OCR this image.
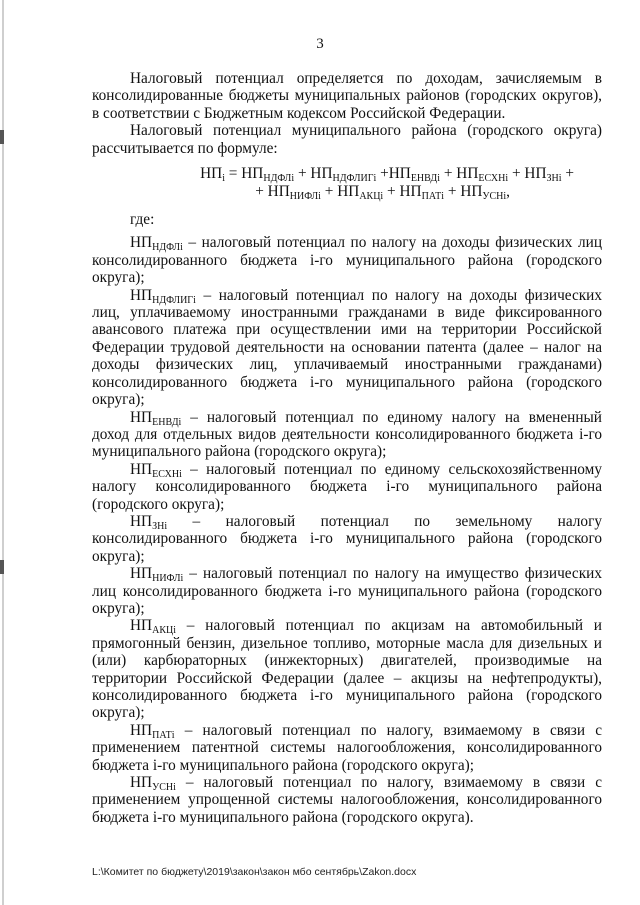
3

Налоговый потенциал определяется по доходам, зачисляемым в консолидированные бюджеты муниципальных районов (городских округов), в соответствии с Бюджетным кодексом Российской Федерации.

Налоговый потенциал муниципального района (городского округа) рассчитывается по формуле:

$НП_i = НП_{НДФЛi} + НП_{НДФЛИГi} +НП_{ЕНВДi} + НП_{ЕСХНi} + НП_{ЗНi}$ +
+ $НП_{НИФЛi} + НП_{АКЦi} + НП_{ПАТi} + НП_{УСНi}$,

где:

$НП_{НДФЛi}$ – налоговый потенциал по налогу на доходы физических лиц консолидированного бюджета i-го муниципального района (городского округа);

$НП_{НДФЛИГi}$ – налоговый потенциал по налогу на доходы физических лиц, уплачиваемому иностранными гражданами в виде фиксированного авансового платежа при осуществлении ими на территории Российской Федерации трудовой деятельности на основании патента (далее – налог на доходы физических лиц, уплачиваемый иностранными гражданами) консолидированного бюджета i-го муниципального района (городского округа);

$НП_{ЕНВДi}$ – налоговый потенциал по единому налогу на вмененный доход для отдельных видов деятельности консолидированного бюджета i-го муниципального района (городского округа);

$НП_{ЕСХНi}$ – налоговый потенциал по единому сельскохозяйственному налогу консолидированного бюджета i-го муниципального района (городского округа);

$НП_{ЗНi}$ – налоговый потенциал по земельному налогу консолидированного бюджета i-го муниципального района (городского округа);

$НП_{НИФЛi}$ – налоговый потенциал по налогу на имущество физических лиц консолидированного бюджета i-го муниципального района (городского округа);

$НП_{АКЦi}$ – налоговый потенциал по акцизам на автомобильный и прямогонный бензин, дизельное топливо, моторные масла для дизельных и (или) карбюраторных (инжекторных) двигателей, производимые на территории Российской Федерации (далее – акцизы на нефтепродукты), консолидированного бюджета i-го муниципального района (городского округа);

$НП_{ПАТi}$ – налоговый потенциал по налогу, взимаемому в связи с применением патентной системы налогообложения, консолидированного бюджета i-го муниципального района (городского округа);

$НП_{УСНi}$ – налоговый потенциал по налогу, взимаемому в связи с применением упрощенной системы налогообложения, консолидированного бюджета i-го муниципального района (городского округа).

L:\Комитет по бюджету\2019\закон\закон мбо сентябрь\Zakon.docx
